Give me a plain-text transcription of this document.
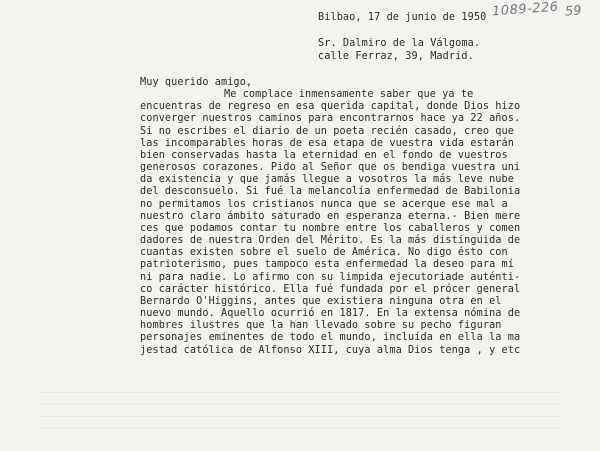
1089-226 59
Bilbao, 17 de junio de 1950
Sr. Dalmiro de la Válgoma.
calle Ferraz, 39, Madrid.
Muy querido amigo,
Me complace inmensamente saber que ya te
encuentras de regreso en esa querida capital, donde Dios hizo
converger nuestros caminos para encontrarnos hace ya 22 años.
Si no escribes el diario de un poeta recién casado, creo que
las incomparables horas de esa etapa de vuestra vida estarán
bien conservadas hasta la eternidad en el fondo de vuestros
generosos corazones. Pido al Señor que os bendiga vuestra uni
da existencia y que jamás llegue a vosotros la más leve nube
del desconsuelo. Si fué la melancolía enfermedad de Babilonia
no permitamos los cristianos nunca que se acerque ese mal a
nuestro claro ámbito saturado en esperanza eterna.- Bien mere
ces que podamos contar tu nombre entre los caballeros y comen
dadores de nuestra Orden del Mérito. Es la más distinguida de
cuantas existen sobre el suelo de América. No digo ésto con
patrioterismo, pues tampoco esta enfermedad la deseo para mí
ni para nadie. Lo afirmo con su limpida ejecutoriade auténti-
co carácter histórico. Ella fué fundada por el prócer general
Bernardo O'Higgins, antes que existiera ninguna otra en el
nuevo mundo. Aquello ocurrió en 1817. En la extensa nómina de
hombres ilustres que la han llevado sobre su pecho figuran
personajes eminentes de todo el mundo, incluída en ella la ma
jestad católica de Alfonso XIII, cuya alma Dios tenga , y etc
